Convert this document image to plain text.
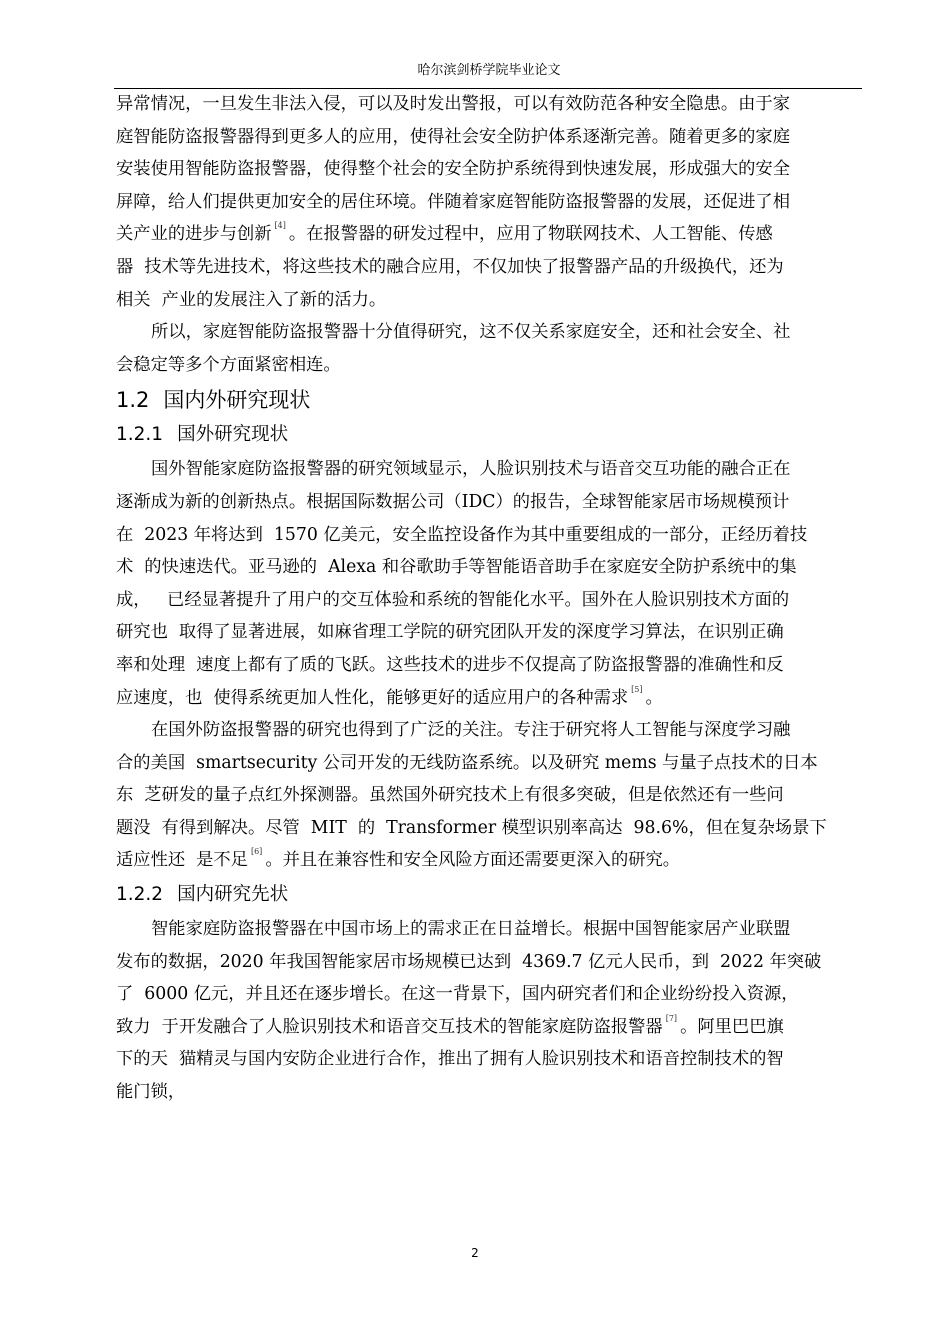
哈尔滨剑桥学院毕业论文
异常情况，一旦发生非法入侵，可以及时发出警报，可以有效防范各种安全隐患。由于家
庭智能防盗报警器得到更多人的应用，使得社会安全防护体系逐渐完善。随着更多的家庭
安装使用智能防盗报警器，使得整个社会的安全防护系统得到快速发展，形成强大的安全
屏障，给人们提供更加安全的居住环境。伴随着家庭智能防盗报警器的发展，还促进了相
关产业的进步与创新 [4] 。在报警器的研发过程中，应用了物联网技术、人工智能、传感
器  技术等先进技术，将这些技术的融合应用，不仅加快了报警器产品的升级换代，还为
相关  产业的发展注入了新的活力。
所以，家庭智能防盗报警器十分值得研究，这不仅关系家庭安全，还和社会安全、社
会稳定等多个方面紧密相连。
1.2 国内外研究现状
1.2.1 国外研究现状
国外智能家庭防盗报警器的研究领域显示，人脸识别技术与语音交互功能的融合正在
逐渐成为新的创新热点。根据国际数据公司（IDC）的报告，全球智能家居市场规模预计
在  2023 年将达到  1570 亿美元，安全监控设备作为其中重要组成的一部分，正经历着技
术  的快速迭代。亚马逊的  Alexa 和谷歌助手等智能语音助手在家庭安全防护系统中的集
成，   已经显著提升了用户的交互体验和系统的智能化水平。国外在人脸识别技术方面的
研究也  取得了显著进展，如麻省理工学院的研究团队开发的深度学习算法，在识别正确
率和处理  速度上都有了质的飞跃。这些技术的进步不仅提高了防盗报警器的准确性和反
应速度，也  使得系统更加人性化，能够更好的适应用户的各种需求 [5] 。
在国外防盗报警器的研究也得到了广泛的关注。专注于研究将人工智能与深度学习融
合的美国  smartsecurity 公司开发的无线防盗系统。以及研究 mems 与量子点技术的日本
东  芝研发的量子点红外探测器。虽然国外研究技术上有很多突破，但是依然还有一些问
题没  有得到解决。尽管  MIT  的  Transformer 模型识别率高达  98.6%，但在复杂场景下
适应性还  是不足 [6] 。并且在兼容性和安全风险方面还需要更深入的研究。
1.2.2 国内研究先状
智能家庭防盗报警器在中国市场上的需求正在日益增长。根据中国智能家居产业联盟
发布的数据，2020 年我国智能家居市场规模已达到  4369.7 亿元人民币，到  2022 年突破
了  6000 亿元，并且还在逐步增长。在这一背景下，国内研究者们和企业纷纷投入资源，
致力  于开发融合了人脸识别技术和语音交互技术的智能家庭防盗报警器 [7] 。阿里巴巴旗
下的天  猫精灵与国内安防企业进行合作，推出了拥有人脸识别技术和语音控制技术的智
能门锁，
2
